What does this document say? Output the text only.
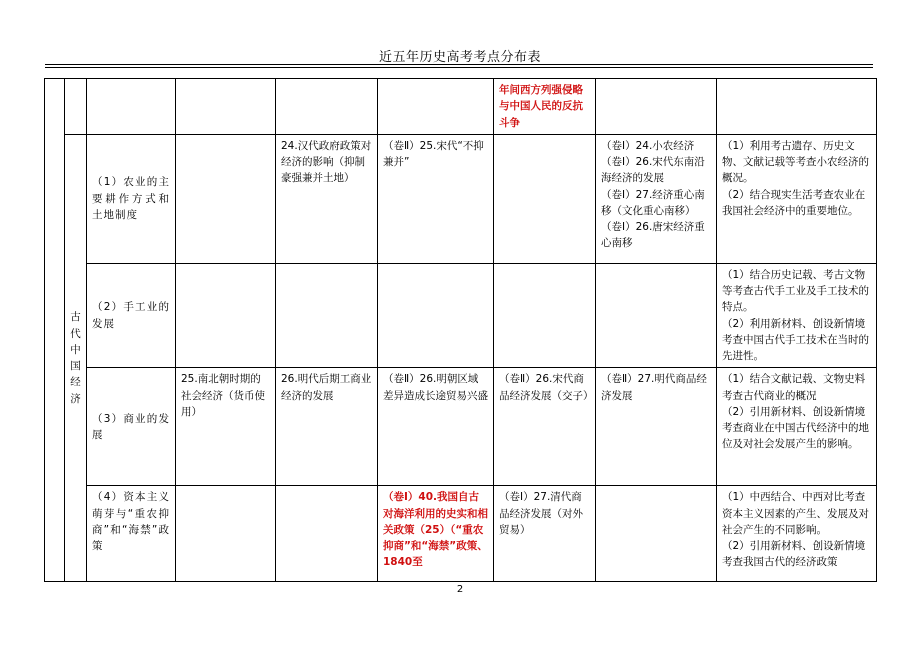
近五年历史高考考点分布表
						年间西方列强侵略与中国人民的反抗斗争		
	古代中国经济	（1）农业的主要耕作方式和土地制度		24.汉代政府政策对经济的影响（抑制豪强兼并土地）	（卷Ⅱ）25.宋代“不抑兼并”		（卷Ⅰ）24.小农经济
（卷Ⅰ）26.宋代东南沿海经济的发展
（卷Ⅰ）27.经济重心南移（文化重心南移）
（卷Ⅰ）26.唐宋经济重心南移	（1）利用考古遗存、历史文物、文献记载等考查小农经济的概况。
（2）结合现实生活考查农业在我国社会经济中的重要地位。

		（2）手工业的发展						（1）结合历史记载、考古文物等考查古代手工业及手工技术的特点。
（2）利用新材料、创设新情境考查中国古代手工技术在当时的先进性。

		（3）商业的发展	25.南北朝时期的社会经济（货币使用）	26.明代后期工商业经济的发展	（卷Ⅱ）26.明朝区域差异造成长途贸易兴盛	（卷Ⅱ）26.宋代商品经济发展（交子）	（卷Ⅱ）27.明代商品经济发展	（1）结合文献记载、文物史料考查古代商业的概况
（2）引用新材料、创设新情境考查商业在中国古代经济中的地位及对社会发展产生的影响。

		（4）资本主义萌芽与“重农抑商”和“海禁”政策			（卷Ⅰ）40.我国自古对海洋利用的史实和相关政策（25）（“重农抑商”和“海禁”政策、1840至	（卷Ⅰ）27.清代商品经济发展（对外贸易）		（1）中西结合、中西对比考查资本主义因素的产生、发展及对社会产生的不同影响。
（2）引用新材料、创设新情境考查我国古代的经济政策
2
